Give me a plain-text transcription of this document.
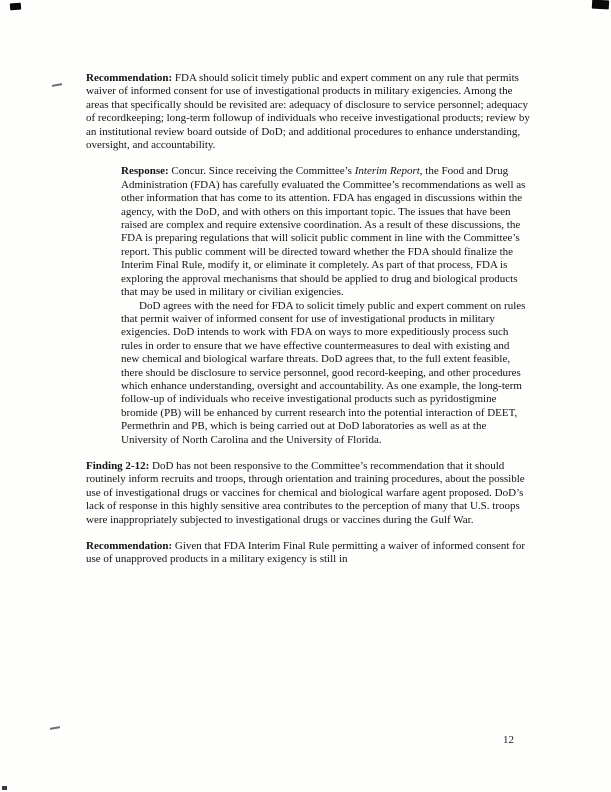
Recommendation: FDA should solicit timely public and expert comment on any rule that permits waiver of informed consent for use of investigational products in military exigencies. Among the areas that specifically should be revisited are: adequacy of disclosure to service personnel; adequacy of recordkeeping; long-term followup of individuals who receive investigational products; review by an institutional review board outside of DoD; and additional procedures to enhance understanding, oversight, and accountability.

Response: Concur. Since receiving the Committee’s Interim Report, the Food and Drug Administration (FDA) has carefully evaluated the Committee’s recommendations as well as other information that has come to its attention. FDA has engaged in discussions within the agency, with the DoD, and with others on this important topic. The issues that have been raised are complex and require extensive coordination. As a result of these discussions, the FDA is preparing regulations that will solicit public comment in line with the Committee’s report. This public comment will be directed toward whether the FDA should finalize the Interim Final Rule, modify it, or eliminate it completely. As part of that process, FDA is exploring the approval mechanisms that should be applied to drug and biological products that may be used in military or civilian exigencies.

DoD agrees with the need for FDA to solicit timely public and expert comment on rules that permit waiver of informed consent for use of investigational products in military exigencies. DoD intends to work with FDA on ways to more expeditiously process such rules in order to ensure that we have effective countermeasures to deal with existing and new chemical and biological warfare threats. DoD agrees that, to the full extent feasible, there should be disclosure to service personnel, good record-keeping, and other procedures which enhance understanding, oversight and accountability. As one example, the long-term follow-up of individuals who receive investigational products such as pyridostigmine bromide (PB) will be enhanced by current research into the potential interaction of DEET, Permethrin and PB, which is being carried out at DoD laboratories as well as at the University of North Carolina and the University of Florida.

Finding 2-12: DoD has not been responsive to the Committee’s recommendation that it should routinely inform recruits and troops, through orientation and training procedures, about the possible use of investigational drugs or vaccines for chemical and biological warfare agent proposed. DoD’s lack of response in this highly sensitive area contributes to the perception of many that U.S. troops were inappropriately subjected to investigational drugs or vaccines during the Gulf War.

Recommendation: Given that FDA Interim Final Rule permitting a waiver of informed consent for use of unapproved products in a military exigency is still in

12
